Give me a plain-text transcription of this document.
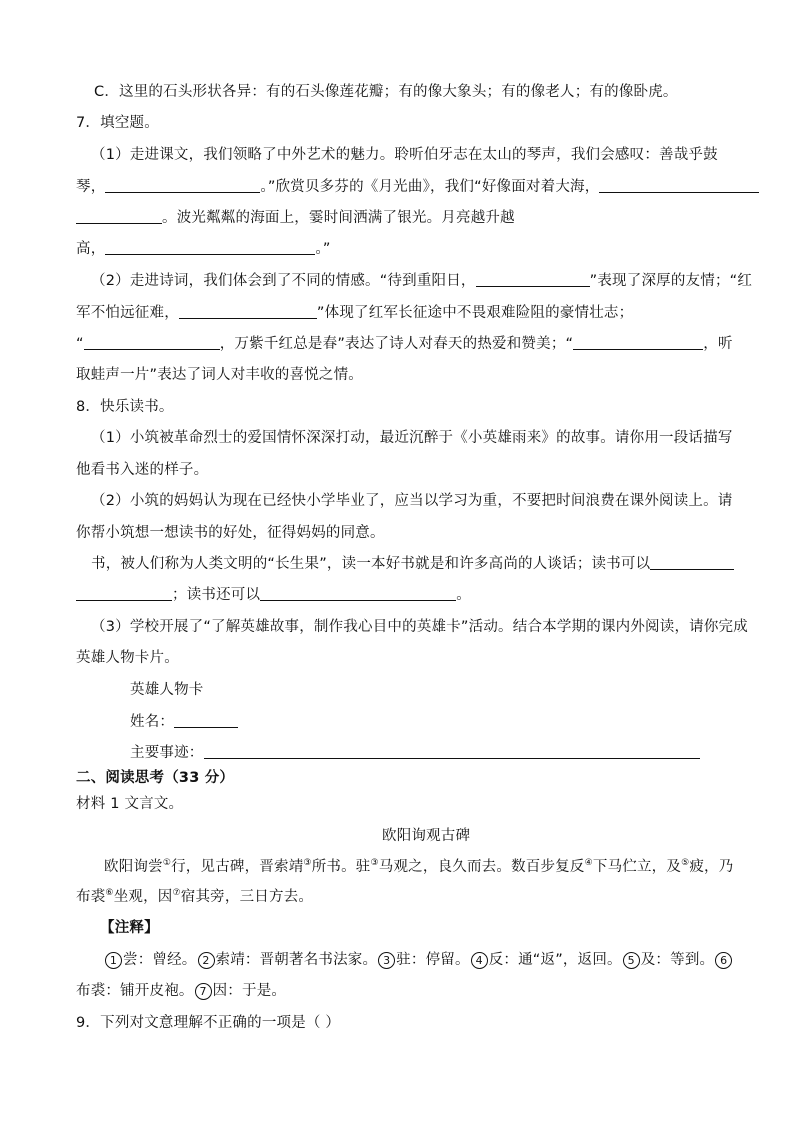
C．这里的石头形状各异：有的石头像莲花瓣；有的像大象头；有的像老人；有的像卧虎。
7．填空题。
（1）走进课文，我们领略了中外艺术的魅力。聆听伯牙志在太山的琴声，我们会感叹：善哉乎鼓
琴，	。”欣赏贝多芬的《月光曲》，我们“好像面对着大海，
。波光粼粼的海面上，霎时间洒满了银光。月亮越升越
高，	。”
（2）走进诗词，我们体会到了不同的情感。“待到重阳日，	”表现了深厚的友情；“红
军不怕远征难，	”体现了红军长征途中不畏艰难险阻的豪情壮志；
“	，万紫千红总是春”表达了诗人对春天的热爱和赞美；“	，听
取蛙声一片”表达了词人对丰收的喜悦之情。
8．快乐读书。
（1）小筑被革命烈士的爱国情怀深深打动，最近沉醉于《小英雄雨来》的故事。请你用一段话描写
他看书入迷的样子。
（2）小筑的妈妈认为现在已经快小学毕业了，应当以学习为重，不要把时间浪费在课外阅读上。请
你帮小筑想一想读书的好处，征得妈妈的同意。
书，被人们称为人类文明的“长生果”，读一本好书就是和许多高尚的人谈话；读书可以
；读书还可以	。
（3）学校开展了“了解英雄故事，制作我心目中的英雄卡”活动。结合本学期的课内外阅读，请你完成
英雄人物卡片。
英雄人物卡
姓名：
主要事迹：
二、阅读思考（33 分）
材料 1 文言文。
欧阳询观古碑
欧阳询尝①行，见古碑，晋索靖③所书。驻③马观之，良久而去。数百步复反④下马伫立，及⑤疲，乃
布裘⑥坐观，因⑦宿其旁，三日方去。
【注释】
1 尝：曾经。 2 索靖：晋朝著名书法家。 3 驻：停留。 4 反：通“返”，返回。 5 及：等到。 6
布裘：铺开皮袍。 7 因：于是。
9．下列对文意理解不正确的一项是（ ）
